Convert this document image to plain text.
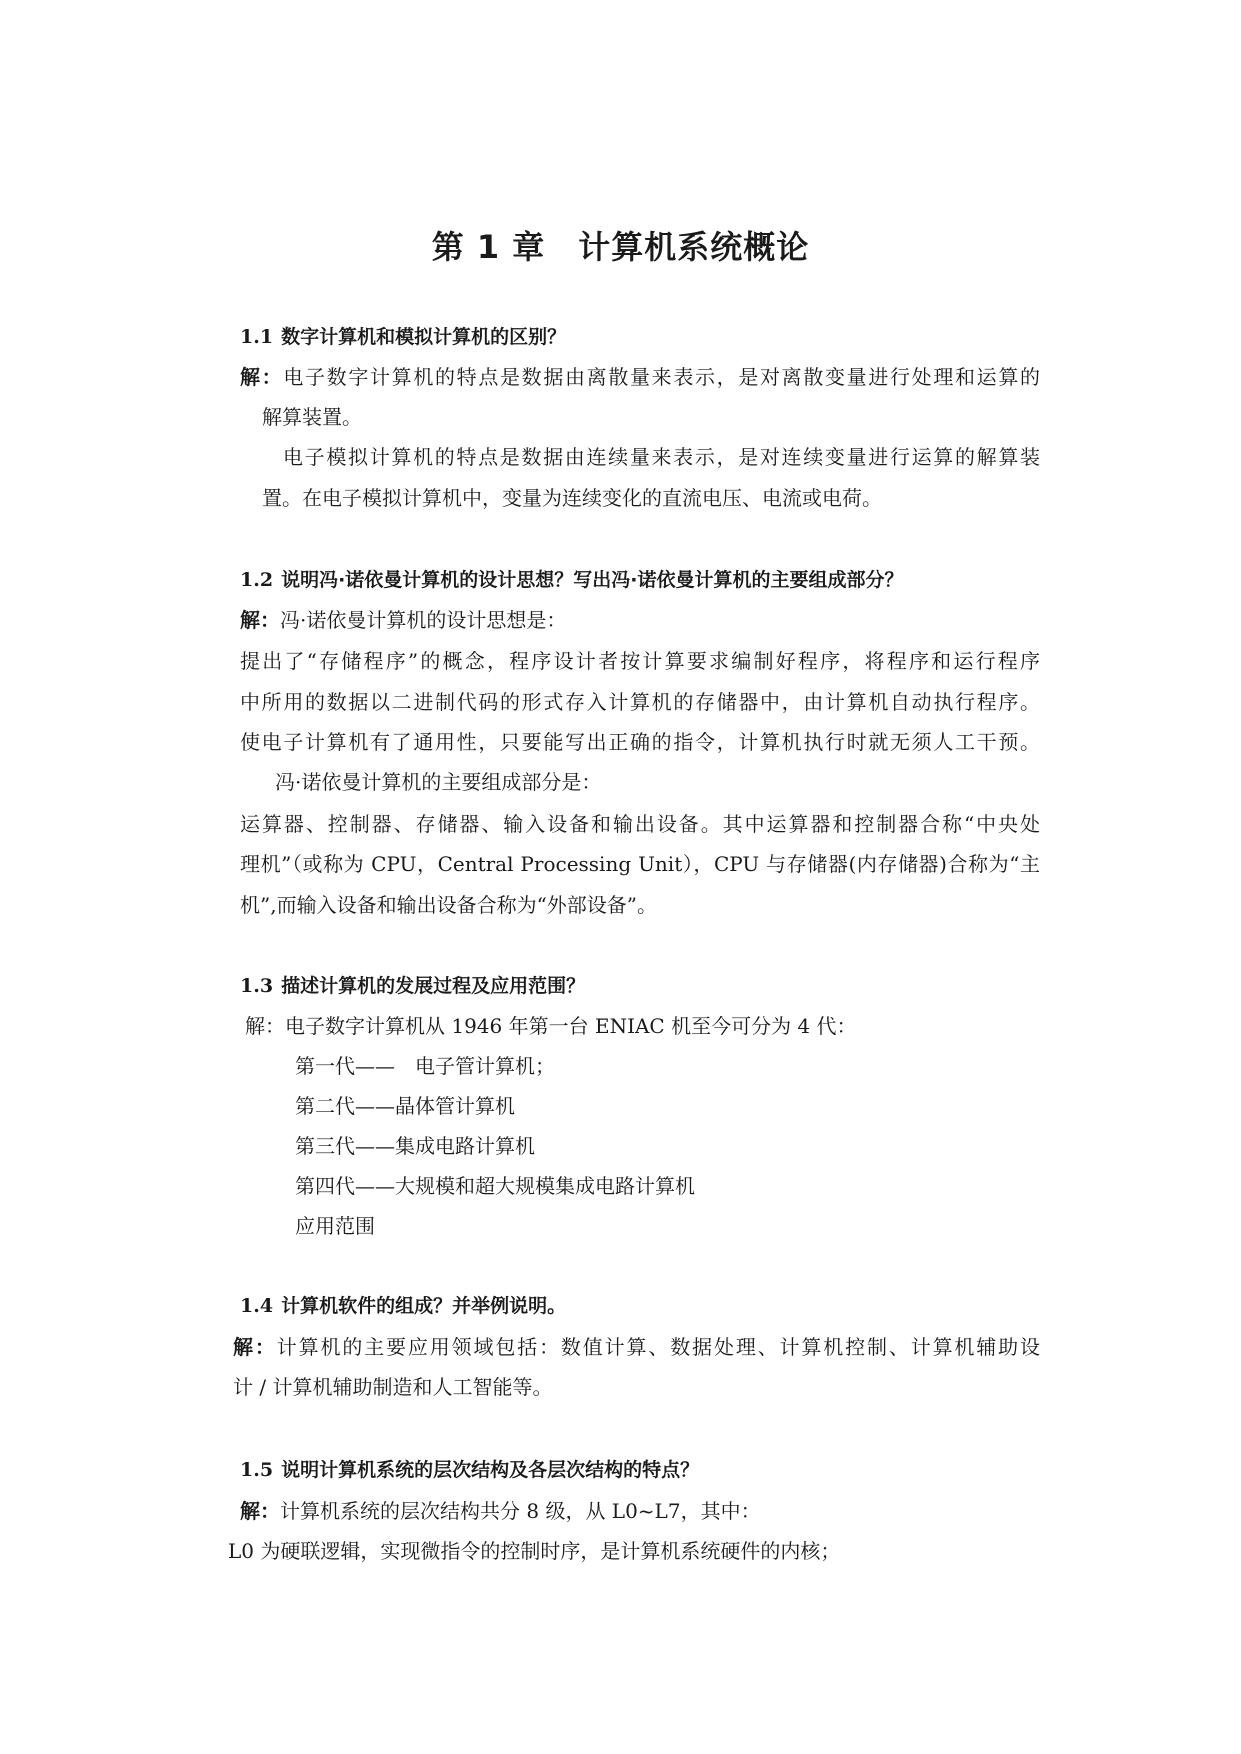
第 1 章　计算机系统概论
1.1 数字计算机和模拟计算机的区别？
解：电子数字计算机的特点是数据由离散量来表示，是对离散变量进行处理和运算的
解算装置。
电子模拟计算机的特点是数据由连续量来表示，是对连续变量进行运算的解算装
置。在电子模拟计算机中，变量为连续变化的直流电压、电流或电荷。
1.2 说明冯·诺依曼计算机的设计思想？写出冯·诺依曼计算机的主要组成部分？
解：冯·诺依曼计算机的设计思想是：
提出了“存储程序”的概念，程序设计者按计算要求编制好程序，将程序和运行程序
中所用的数据以二进制代码的形式存入计算机的存储器中，由计算机自动执行程序。
使电子计算机有了通用性，只要能写出正确的指令，计算机执行时就无须人工干预。
冯·诺依曼计算机的主要组成部分是：
运算器、控制器、存储器、输入设备和输出设备。其中运算器和控制器合称“中央处
理机”（或称为 CPU，Central Processing Unit），CPU 与存储器(内存储器)合称为“主
机”,而输入设备和输出设备合称为“外部设备”。
1.3 描述计算机的发展过程及应用范围？
解：电子数字计算机从 1946 年第一台 ENIAC 机至今可分为 4 代：
第一代——　电子管计算机；
第二代——晶体管计算机
第三代——集成电路计算机
第四代——大规模和超大规模集成电路计算机
应用范围
1.4 计算机软件的组成？并举例说明。
解：计算机的主要应用领域包括：数值计算、数据处理、计算机控制、计算机辅助设
计 / 计算机辅助制造和人工智能等。
1.5 说明计算机系统的层次结构及各层次结构的特点？
解：计算机系统的层次结构共分 8 级，从 L0~L7，其中：
L0 为硬联逻辑，实现微指令的控制时序，是计算机系统硬件的内核；
